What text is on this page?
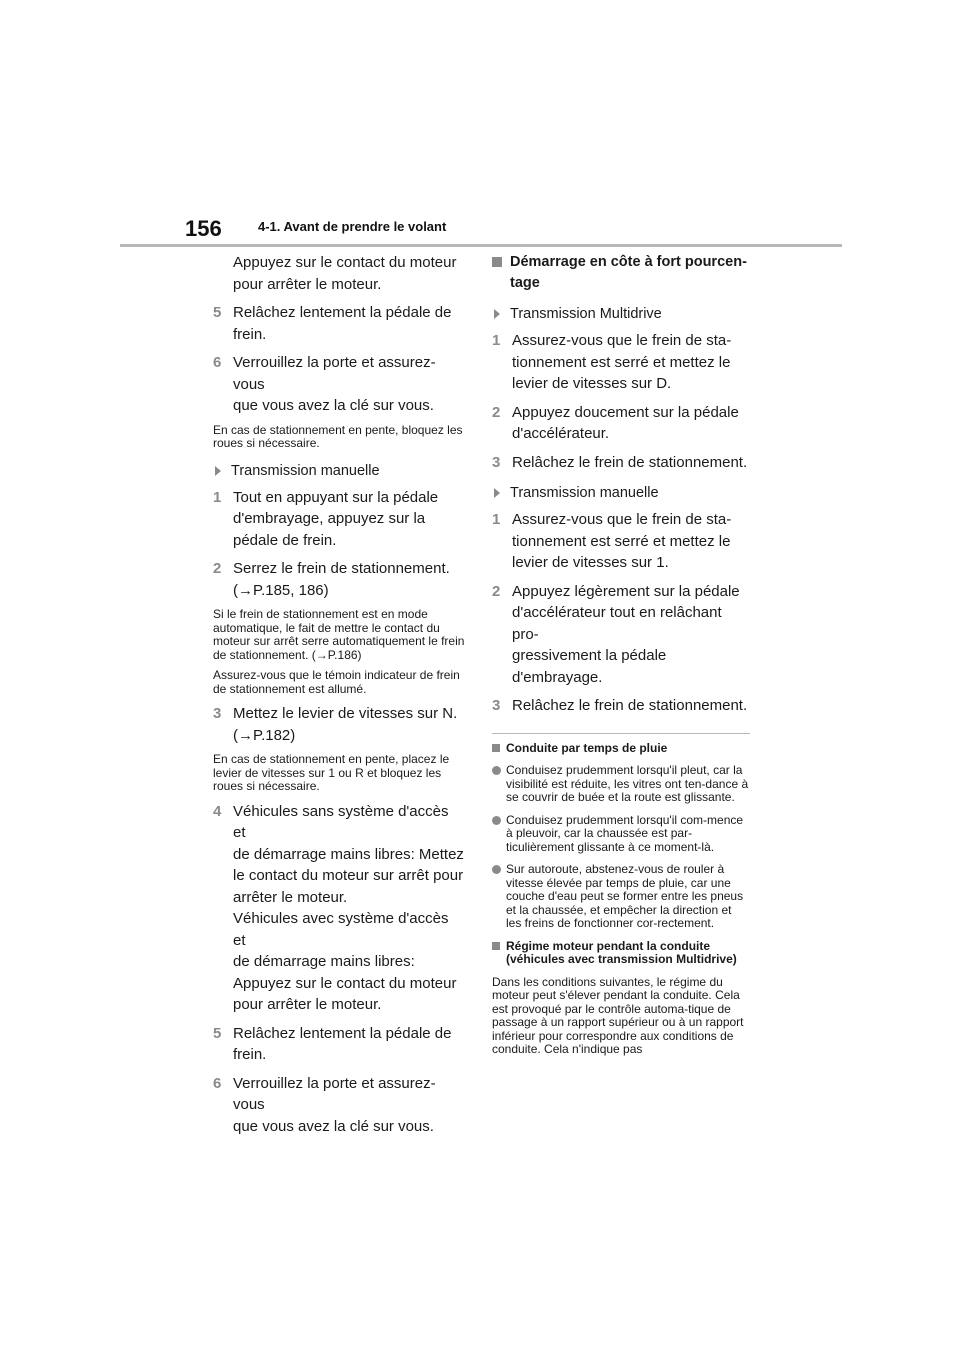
156	4-1. Avant de prendre le volant
Appuyez sur le contact du moteur
pour arrêter le moteur.
5 Relâchez lentement la pédale de
frein.
6 Verrouillez la porte et assurez-vous
que vous avez la clé sur vous.
En cas de stationnement en pente, bloquez les roues si nécessaire.
Transmission manuelle
1 Tout en appuyant sur la pédale
d'embrayage, appuyez sur la
pédale de frein.
2 Serrez le frein de stationnement.
(→P.185, 186)
Si le frein de stationnement est en mode automatique, le fait de mettre le contact du moteur sur arrêt serre automatiquement le frein de stationnement. (→P.186)
Assurez-vous que le témoin indicateur de frein de stationnement est allumé.
3 Mettez le levier de vitesses sur N.
(→P.182)
En cas de stationnement en pente, placez le levier de vitesses sur 1 ou R et bloquez les roues si nécessaire.
4 Véhicules sans système d'accès et
de démarrage mains libres: Mettez
le contact du moteur sur arrêt pour
arrêter le moteur.
Véhicules avec système d'accès et
de démarrage mains libres:
Appuyez sur le contact du moteur
pour arrêter le moteur.
5 Relâchez lentement la pédale de
frein.
6 Verrouillez la porte et assurez-vous
que vous avez la clé sur vous.
Démarrage en côte à fort pourcen-tage
Transmission Multidrive
1 Assurez-vous que le frein de sta-
tionnement est serré et mettez le
levier de vitesses sur D.
2 Appuyez doucement sur la pédale
d'accélérateur.
3 Relâchez le frein de stationnement.
Transmission manuelle
1 Assurez-vous que le frein de sta-
tionnement est serré et mettez le
levier de vitesses sur 1.
2 Appuyez légèrement sur la pédale
d'accélérateur tout en relâchant pro-
gressivement la pédale
d'embrayage.
3 Relâchez le frein de stationnement.
Conduite par temps de pluie
Conduisez prudemment lorsqu'il pleut, car la visibilité est réduite, les vitres ont ten-dance à se couvrir de buée et la route est glissante.
Conduisez prudemment lorsqu'il com-mence à pleuvoir, car la chaussée est par-ticulièrement glissante à ce moment-là.
Sur autoroute, abstenez-vous de rouler à vitesse élevée par temps de pluie, car une couche d'eau peut se former entre les pneus et la chaussée, et empêcher la direction et les freins de fonctionner cor-rectement.
Régime moteur pendant la conduite (véhicules avec transmission Multidrive)
Dans les conditions suivantes, le régime du moteur peut s'élever pendant la conduite. Cela est provoqué par le contrôle automa-tique de passage à un rapport supérieur ou à un rapport inférieur pour correspondre aux conditions de conduite. Cela n'indique pas
